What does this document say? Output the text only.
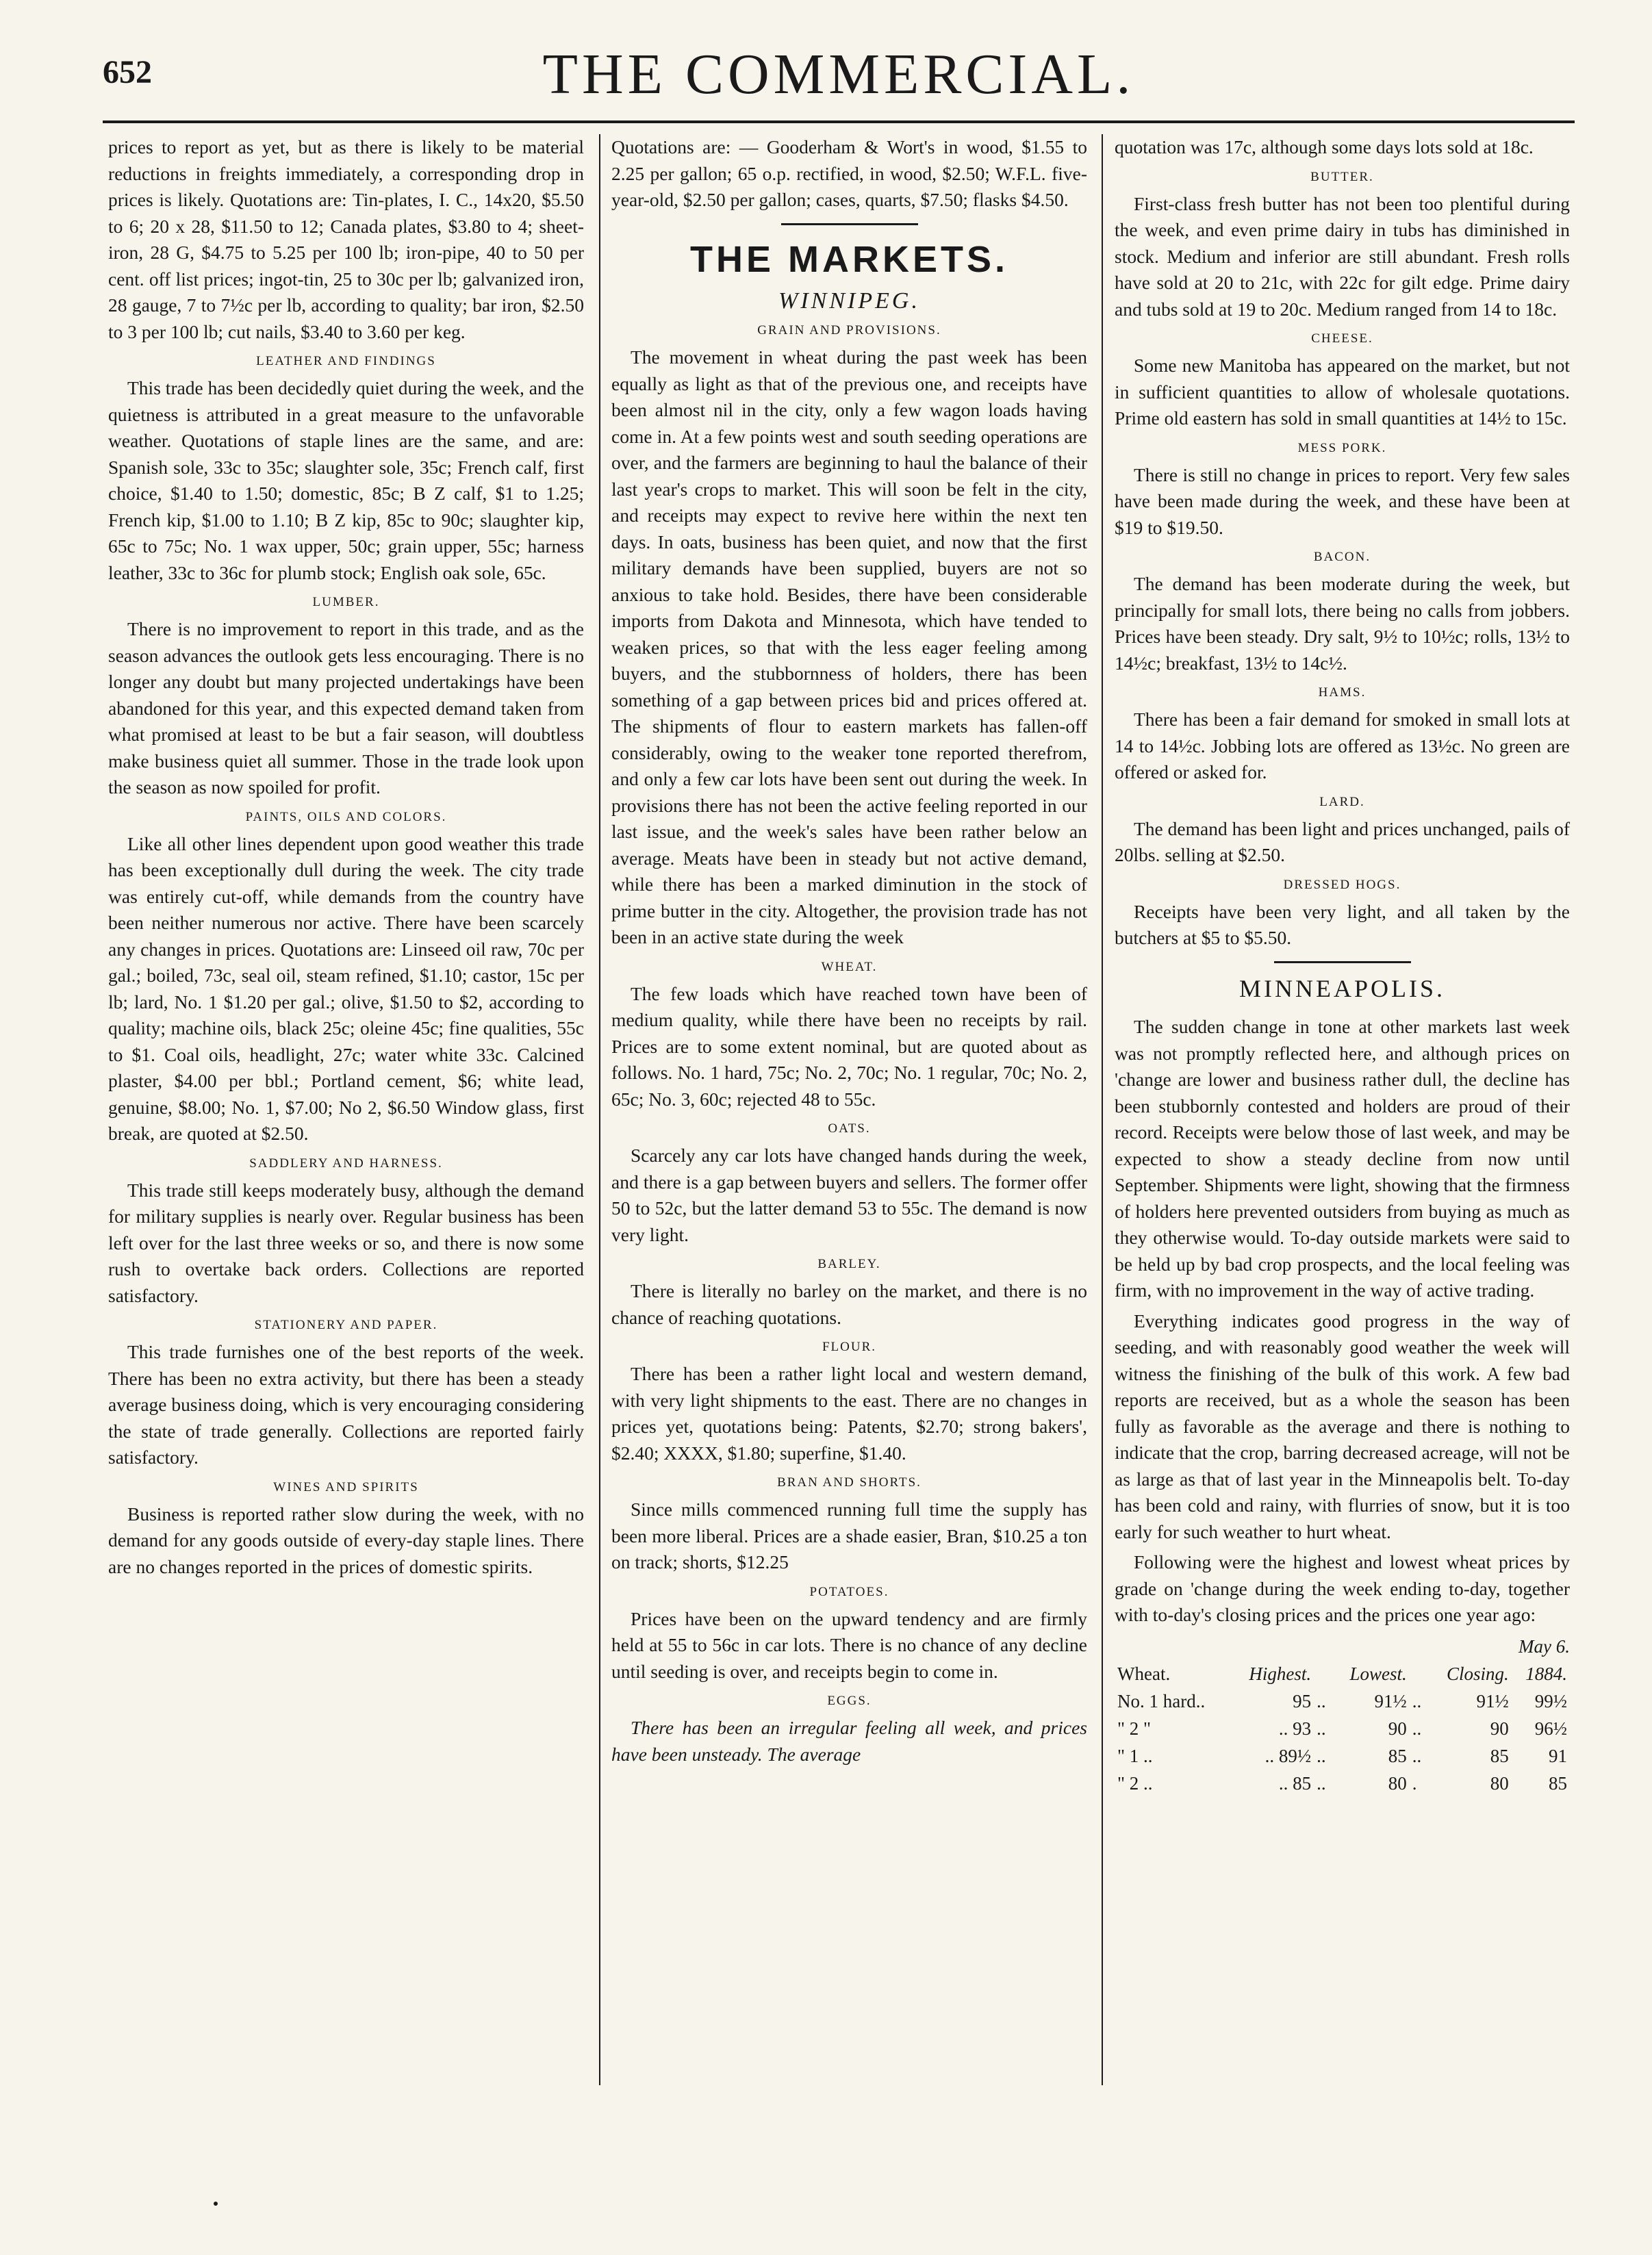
652	THE COMMERCIAL.

prices to report as yet, but as there is likely to be material reductions in freights immediately, a corresponding drop in prices is likely. Quotations are: Tin-plates, I. C., 14x20, $5.50 to 6; 20 x 28, $11.50 to 12; Canada plates, $3.80 to 4; sheet-iron, 28 G, $4.75 to 5.25 per 100 lb; iron-pipe, 40 to 50 per cent. off list prices; ingot-tin, 25 to 30c per lb; galvanized iron, 28 gauge, 7 to 7½c per lb, according to quality; bar iron, $2.50 to 3 per 100 lb; cut nails, $3.40 to 3.60 per keg.

LEATHER AND FINDINGS

This trade has been decidedly quiet during the week, and the quietness is attributed in a great measure to the unfavorable weather. Quotations of staple lines are the same, and are: Spanish sole, 33c to 35c; slaughter sole, 35c; French calf, first choice, $1.40 to 1.50; domestic, 85c; B Z calf, $1 to 1.25; French kip, $1.00 to 1.10; B Z kip, 85c to 90c; slaughter kip, 65c to 75c; No. 1 wax upper, 50c; grain upper, 55c; harness leather, 33c to 36c for plumb stock; English oak sole, 65c.

LUMBER.

There is no improvement to report in this trade, and as the season advances the outlook gets less encouraging. There is no longer any doubt but many projected undertakings have been abandoned for this year, and this expected demand taken from what promised at least to be but a fair season, will doubtless make business quiet all summer. Those in the trade look upon the season as now spoiled for profit.

PAINTS, OILS AND COLORS.

Like all other lines dependent upon good weather this trade has been exceptionally dull during the week. The city trade was entirely cut-off, while demands from the country have been neither numerous nor active. There have been scarcely any changes in prices. Quotations are: Linseed oil raw, 70c per gal.; boiled, 73c, seal oil, steam refined, $1.10; castor, 15c per lb; lard, No. 1 $1.20 per gal.; olive, $1.50 to $2, according to quality; machine oils, black 25c; oleine 45c; fine qualities, 55c to $1. Coal oils, headlight, 27c; water white 33c. Calcined plaster, $4.00 per bbl.; Portland cement, $6; white lead, genuine, $8.00; No. 1, $7.00; No 2, $6.50 Window glass, first break, are quoted at $2.50.

SADDLERY AND HARNESS.

This trade still keeps moderately busy, although the demand for military supplies is nearly over. Regular business has been left over for the last three weeks or so, and there is now some rush to overtake back orders. Collections are reported satisfactory.

STATIONERY AND PAPER.

This trade furnishes one of the best reports of the week. There has been no extra activity, but there has been a steady average business doing, which is very encouraging considering the state of trade generally. Collections are reported fairly satisfactory.

WINES AND SPIRITS

Business is reported rather slow during the week, with no demand for any goods outside of every-day staple lines. There are no changes reported in the prices of domestic spirits.

Quotations are: — Gooderham & Wort's in wood, $1.55 to 2.25 per gallon; 65 o.p. rectified, in wood, $2.50; W.F.L. five-year-old, $2.50 per gallon; cases, quarts, $7.50; flasks $4.50.

THE MARKETS.
WINNIPEG.
GRAIN AND PROVISIONS.

The movement in wheat during the past week has been equally as light as that of the previous one, and receipts have been almost nil in the city, only a few wagon loads having come in. At a few points west and south seeding operations are over, and the farmers are beginning to haul the balance of their last year's crops to market. This will soon be felt in the city, and receipts may expect to revive here within the next ten days. In oats, business has been quiet, and now that the first military demands have been supplied, buyers are not so anxious to take hold. Besides, there have been considerable imports from Dakota and Minnesota, which have tended to weaken prices, so that with the less eager feeling among buyers, and the stubbornness of holders, there has been something of a gap between prices bid and prices offered at. The shipments of flour to eastern markets has fallen-off considerably, owing to the weaker tone reported therefrom, and only a few car lots have been sent out during the week. In provisions there has not been the active feeling reported in our last issue, and the week's sales have been rather below an average. Meats have been in steady but not active demand, while there has been a marked diminution in the stock of prime butter in the city. Altogether, the provision trade has not been in an active state during the week

WHEAT.

The few loads which have reached town have been of medium quality, while there have been no receipts by rail. Prices are to some extent nominal, but are quoted about as follows. No. 1 hard, 75c; No. 2, 70c; No. 1 regular, 70c; No. 2, 65c; No. 3, 60c; rejected 48 to 55c.

OATS.

Scarcely any car lots have changed hands during the week, and there is a gap between buyers and sellers. The former offer 50 to 52c, but the latter demand 53 to 55c. The demand is now very light.

BARLEY.

There is literally no barley on the market, and there is no chance of reaching quotations.

FLOUR.

There has been a rather light local and western demand, with very light shipments to the east. There are no changes in prices yet, quotations being: Patents, $2.70; strong bakers', $2.40; XXXX, $1.80; superfine, $1.40.

BRAN AND SHORTS.

Since mills commenced running full time the supply has been more liberal. Prices are a shade easier, Bran, $10.25 a ton on track; shorts, $12.25

POTATOES.

Prices have been on the upward tendency and are firmly held at 55 to 56c in car lots. There is no chance of any decline until seeding is over, and receipts begin to come in.

EGGS.

There has been an irregular feeling all week, and prices have been unsteady. The average

quotation was 17c, although some days lots sold at 18c.

BUTTER.

First-class fresh butter has not been too plentiful during the week, and even prime dairy in tubs has diminished in stock. Medium and inferior are still abundant. Fresh rolls have sold at 20 to 21c, with 22c for gilt edge. Prime dairy and tubs sold at 19 to 20c. Medium ranged from 14 to 18c.

CHEESE.

Some new Manitoba has appeared on the market, but not in sufficient quantities to allow of wholesale quotations. Prime old eastern has sold in small quantities at 14½ to 15c.

MESS PORK.

There is still no change in prices to report. Very few sales have been made during the week, and these have been at $19 to $19.50.

BACON.

The demand has been moderate during the week, but principally for small lots, there being no calls from jobbers. Prices have been steady. Dry salt, 9½ to 10½c; rolls, 13½ to 14½c; breakfast, 13½ to 14c½.

HAMS.

There has been a fair demand for smoked in small lots at 14 to 14½c. Jobbing lots are offered as 13½c. No green are offered or asked for.

LARD.

The demand has been light and prices unchanged, pails of 20lbs. selling at $2.50.

DRESSED HOGS.

Receipts have been very light, and all taken by the butchers at $5 to $5.50.

MINNEAPOLIS.

The sudden change in tone at other markets last week was not promptly reflected here, and although prices on 'change are lower and business rather dull, the decline has been stubbornly contested and holders are proud of their record. Receipts were below those of last week, and may be expected to show a steady decline from now until September. Shipments were light, showing that the firmness of holders here prevented outsiders from buying as much as they otherwise would. To-day outside markets were said to be held up by bad crop prospects, and the local feeling was firm, with no improvement in the way of active trading.

Everything indicates good progress in the way of seeding, and with reasonably good weather the week will witness the finishing of the bulk of this work. A few bad reports are received, but as a whole the season has been fully as favorable as the average and there is nothing to indicate that the crop, barring decreased acreage, will not be as large as that of last year in the Minneapolis belt. To-day has been cold and rainy, with flurries of snow, but it is too early for such weather to hurt wheat.

Following were the highest and lowest wheat prices by grade on 'change during the week ending to-day, together with to-day's closing prices and the prices one year ago:

May 6.
Wheat.	Highest.		Lowest.		Closing.	1884.
No. 1 hard..	95	..	91½	..	91½	99½
" 2 "	.. 93	..	90	..	90	96½
" 1 ..	.. 89½	..	85	..	85	91
" 2 ..	.. 85	..	80	.	80	85
